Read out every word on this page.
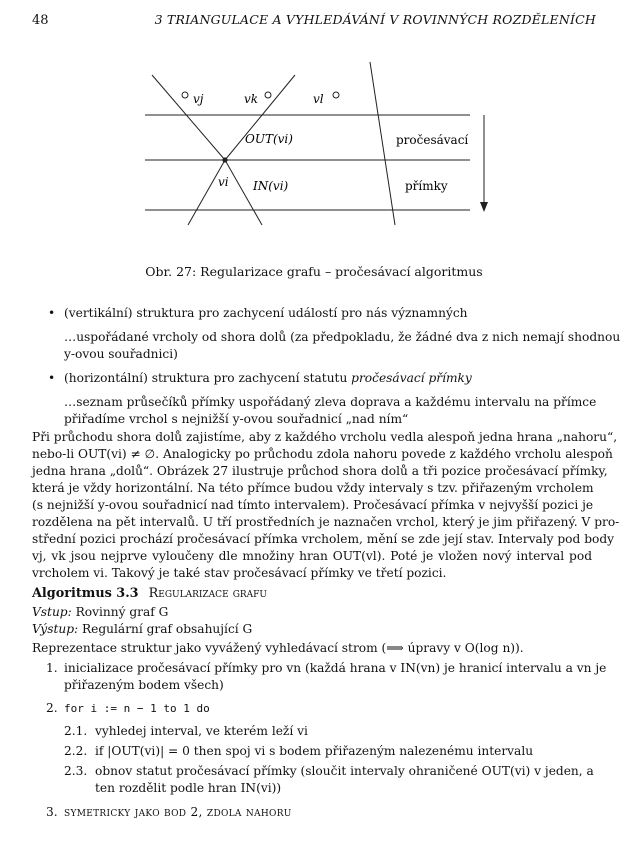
48	3 TRIANGULACE A VYHLEDÁVÁNÍ V ROVINNÝCH ROZDĚLENÍCH
vj	vk	vl
OUT(vi)
vi IN(vi)
pročesávací
přímky
Obr. 27: Regularizace grafu – pročesávací algoritmus
• (vertikální) struktura pro zachycení událostí pro nás významných
…uspořádané vrcholy od shora dolů (za předpokladu, že žádné dva z nich nemají shodnou
y-ovou souřadnici)
• (horizontální) struktura pro zachycení statutu pročesávací přímky
…seznam průsečíků přímky uspořádaný zleva doprava a každému intervalu na přímce
přiřadíme vrchol s nejnižší y-ovou souřadnicí „nad ním“
Při průchodu shora dolů zajistíme, aby z každého vrcholu vedla alespoň jedna hrana „nahoru“,
nebo-li OUT(vi) ≠ ∅. Analogicky po průchodu zdola nahoru povede z každého vrcholu alespoň
jedna hrana „dolů“. Obrázek 27 ilustruje průchod shora dolů a tři pozice pročesávací přímky,
která je vždy horizontální. Na této přímce budou vždy intervaly s tzv. přiřazeným vrcholem
(s nejnižší y-ovou souřadnicí nad tímto intervalem). Pročesávací přímka v nejvyšší pozici je
rozdělena na pět intervalů. U tří prostředních je naznačen vrchol, který je jim přiřazený. V pro-
střední pozici prochází pročesávací přímka vrcholem, mění se zde její stav. Intervaly pod body
vj, vk jsou nejprve vyloučeny dle množiny hran OUT(vl). Poté je vložen nový interval pod
vrcholem vi. Takový je také stav pročesávací přímky ve třetí pozici.
Algoritmus 3.3 Regularizace grafu
Vstup: Rovinný graf G
Výstup: Regulární graf obsahující G
Reprezentace struktur jako vyvážený vyhledávací strom (⟹ úpravy v O(log n)).
1. inicializace pročesávací přímky pro vn (každá hrana v IN(vn) je hranicí intervalu a vn je
přiřazeným bodem všech)
2. for i := n − 1 to 1 do
2.1. vyhledej interval, ve kterém leží vi
2.2. if |OUT(vi)| = 0 then spoj vi s bodem přiřazeným nalezenému intervalu
2.3. obnov statut pročesávací přímky (sloučit intervaly ohraničené OUT(vi) v jeden, a
ten rozdělit podle hran IN(vi))
3. symetricky jako bod 2, zdola nahoru
